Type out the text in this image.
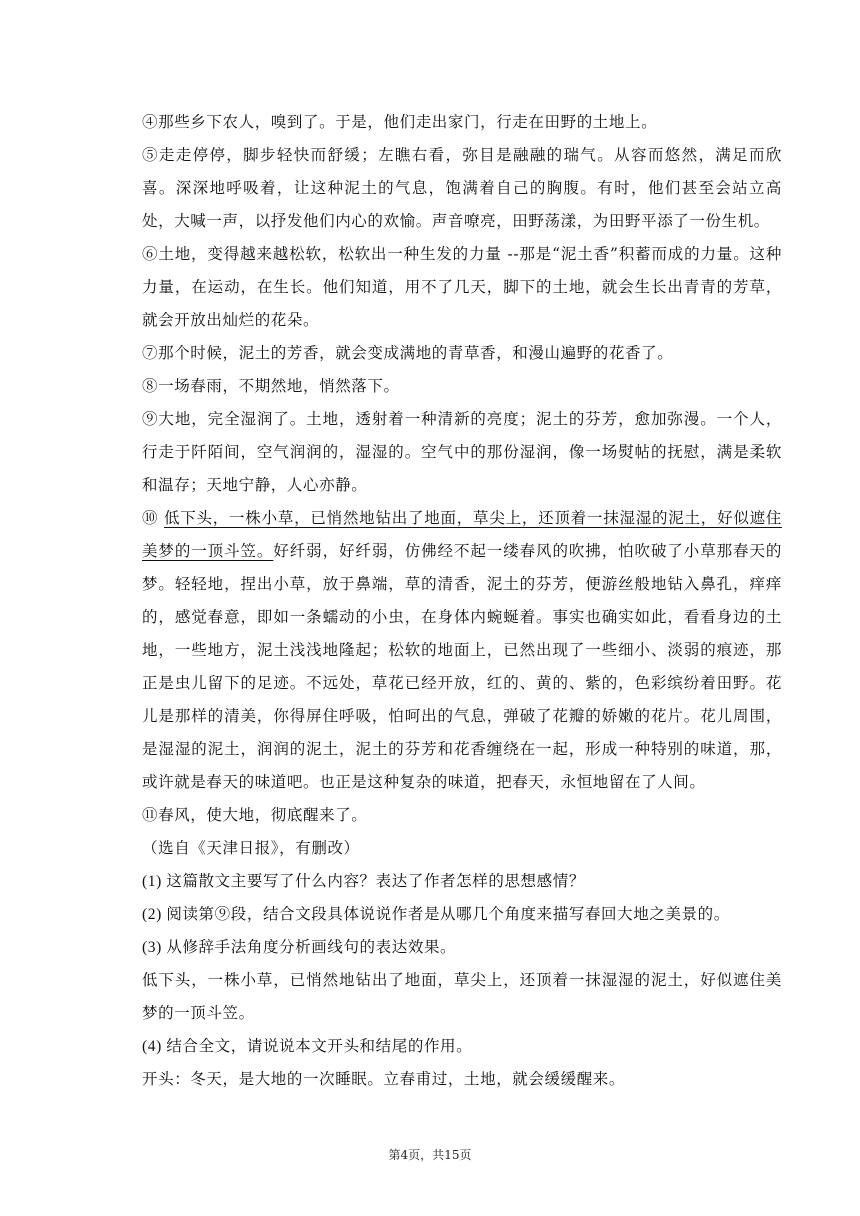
④那些乡下农人，嗅到了。于是，他们走出家门，行走在田野的土地上。

⑤走走停停，脚步轻快而舒缓；左瞧右看，弥目是融融的瑞气。从容而悠然，满足而欣喜。深深地呼吸着，让这种泥土的气息，饱满着自己的胸腹。有时，他们甚至会站立高处，大喊一声，以抒发他们内心的欢愉。声音嘹亮，田野荡漾，为田野平添了一份生机。

⑥土地，变得越来越松软，松软出一种生发的力量 --那是“泥土香”积蓄而成的力量。这种力量，在运动，在生长。他们知道，用不了几天，脚下的土地，就会生长出青青的芳草，就会开放出灿烂的花朵。

⑦那个时候，泥土的芳香，就会变成满地的青草香，和漫山遍野的花香了。

⑧一场春雨，不期然地，悄然落下。

⑨大地，完全湿润了。土地，透射着一种清新的亮度；泥土的芬芳，愈加弥漫。一个人，行走于阡陌间，空气润润的，湿湿的。空气中的那份湿润，像一场熨帖的抚慰，满是柔软和温存；天地宁静，人心亦静。

⑩ 低下头，一株小草，已悄然地钻出了地面，草尖上，还顶着一抹湿湿的泥土，好似遮住美梦的一顶斗笠。好纤弱，好纤弱，仿佛经不起一缕春风的吹拂，怕吹破了小草那春天的梦。轻轻地，捏出小草，放于鼻端，草的清香，泥土的芬芳，便游丝般地钻入鼻孔，痒痒的，感觉春意，即如一条蠕动的小虫，在身体内蜿蜒着。事实也确实如此，看看身边的土地，一些地方，泥土浅浅地隆起；松软的地面上，已然出现了一些细小、淡弱的痕迹，那正是虫儿留下的足迹。不远处，草花已经开放，红的、黄的、紫的，色彩缤纷着田野。花儿是那样的清美，你得屏住呼吸，怕呵出的气息，弹破了花瓣的娇嫩的花片。花儿周围，是湿湿的泥土，润润的泥土，泥土的芬芳和花香缠绕在一起，形成一种特别的味道，那，或许就是春天的味道吧。也正是这种复杂的味道，把春天，永恒地留在了人间。

⑪春风，使大地，彻底醒来了。

（选自《天津日报》，有删改）

(1) 这篇散文主要写了什么内容？表达了作者怎样的思想感情？

(2) 阅读第⑨段，结合文段具体说说作者是从哪几个角度来描写春回大地之美景的。

(3) 从修辞手法角度分析画线句的表达效果。

低下头，一株小草，已悄然地钻出了地面，草尖上，还顶着一抹湿湿的泥土，好似遮住美梦的一顶斗笠。

(4) 结合全文，请说说本文开头和结尾的作用。

开头：冬天，是大地的一次睡眠。立春甫过，土地，就会缓缓醒来。

第4页，共15页
